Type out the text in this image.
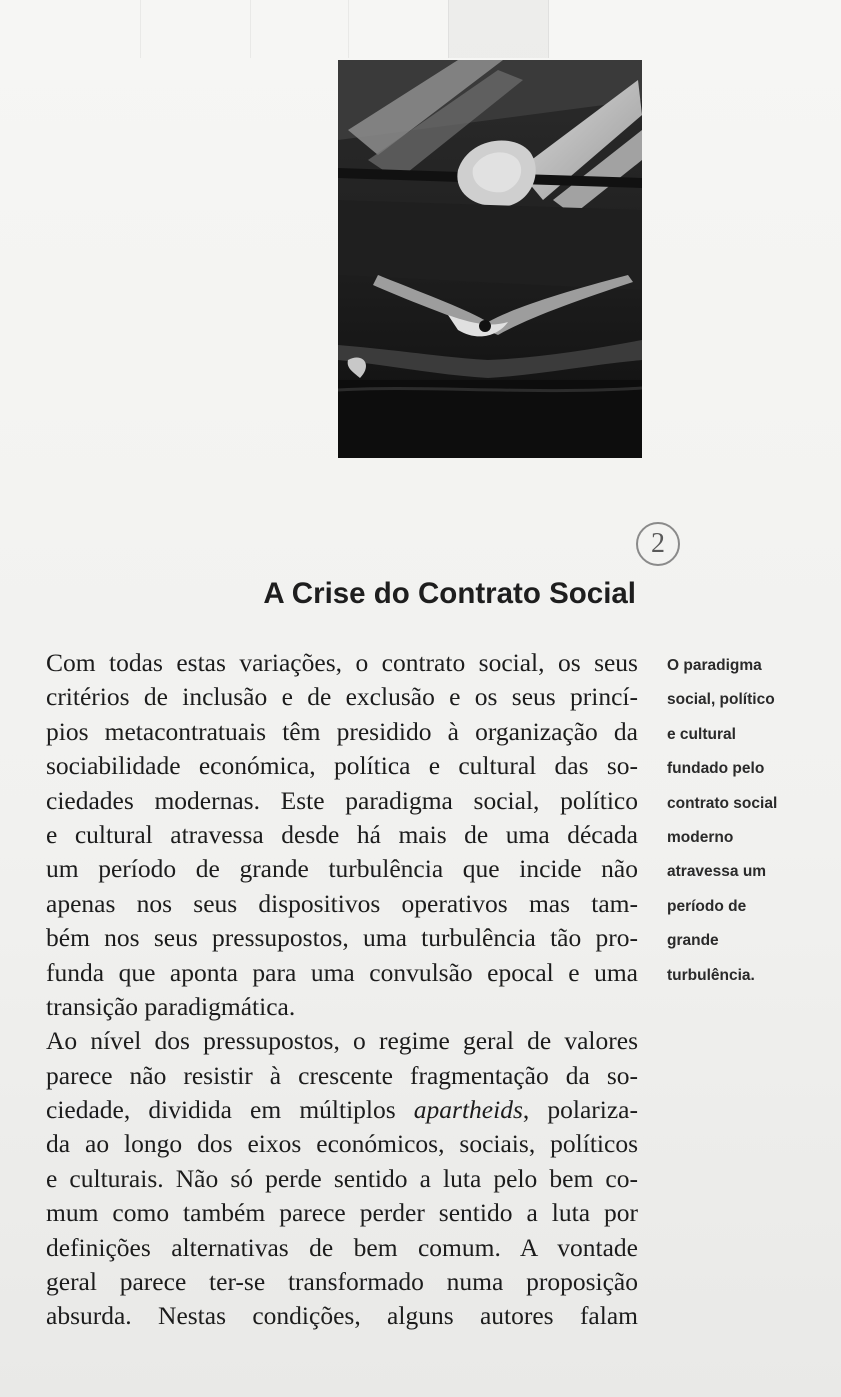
2
A Crise do Contrato Social
Com todas estas variações, o contrato social, os seus
critérios de inclusão e de exclusão e os seus princí-
pios metacontratuais têm presidido à organização da
sociabilidade económica, política e cultural das so-
ciedades modernas. Este paradigma social, político
e cultural atravessa desde há mais de uma década
um período de grande turbulência que incide não
apenas nos seus dispositivos operativos mas tam-
bém nos seus pressupostos, uma turbulência tão pro-
funda que aponta para uma convulsão epocal e uma
transição paradigmática.
Ao nível dos pressupostos, o regime geral de valores
parece não resistir à crescente fragmentação da so-
ciedade, dividida em múltiplos apartheids, polariza-
da ao longo dos eixos económicos, sociais, políticos
e culturais. Não só perde sentido a luta pelo bem co-
mum como também parece perder sentido a luta por
definições alternativas de bem comum. A vontade
geral parece ter-se transformado numa proposição
absurda. Nestas condições, alguns autores falam
O paradigma
social, político
e cultural
fundado pelo
contrato social
moderno
atravessa um
período de
grande
turbulência.
